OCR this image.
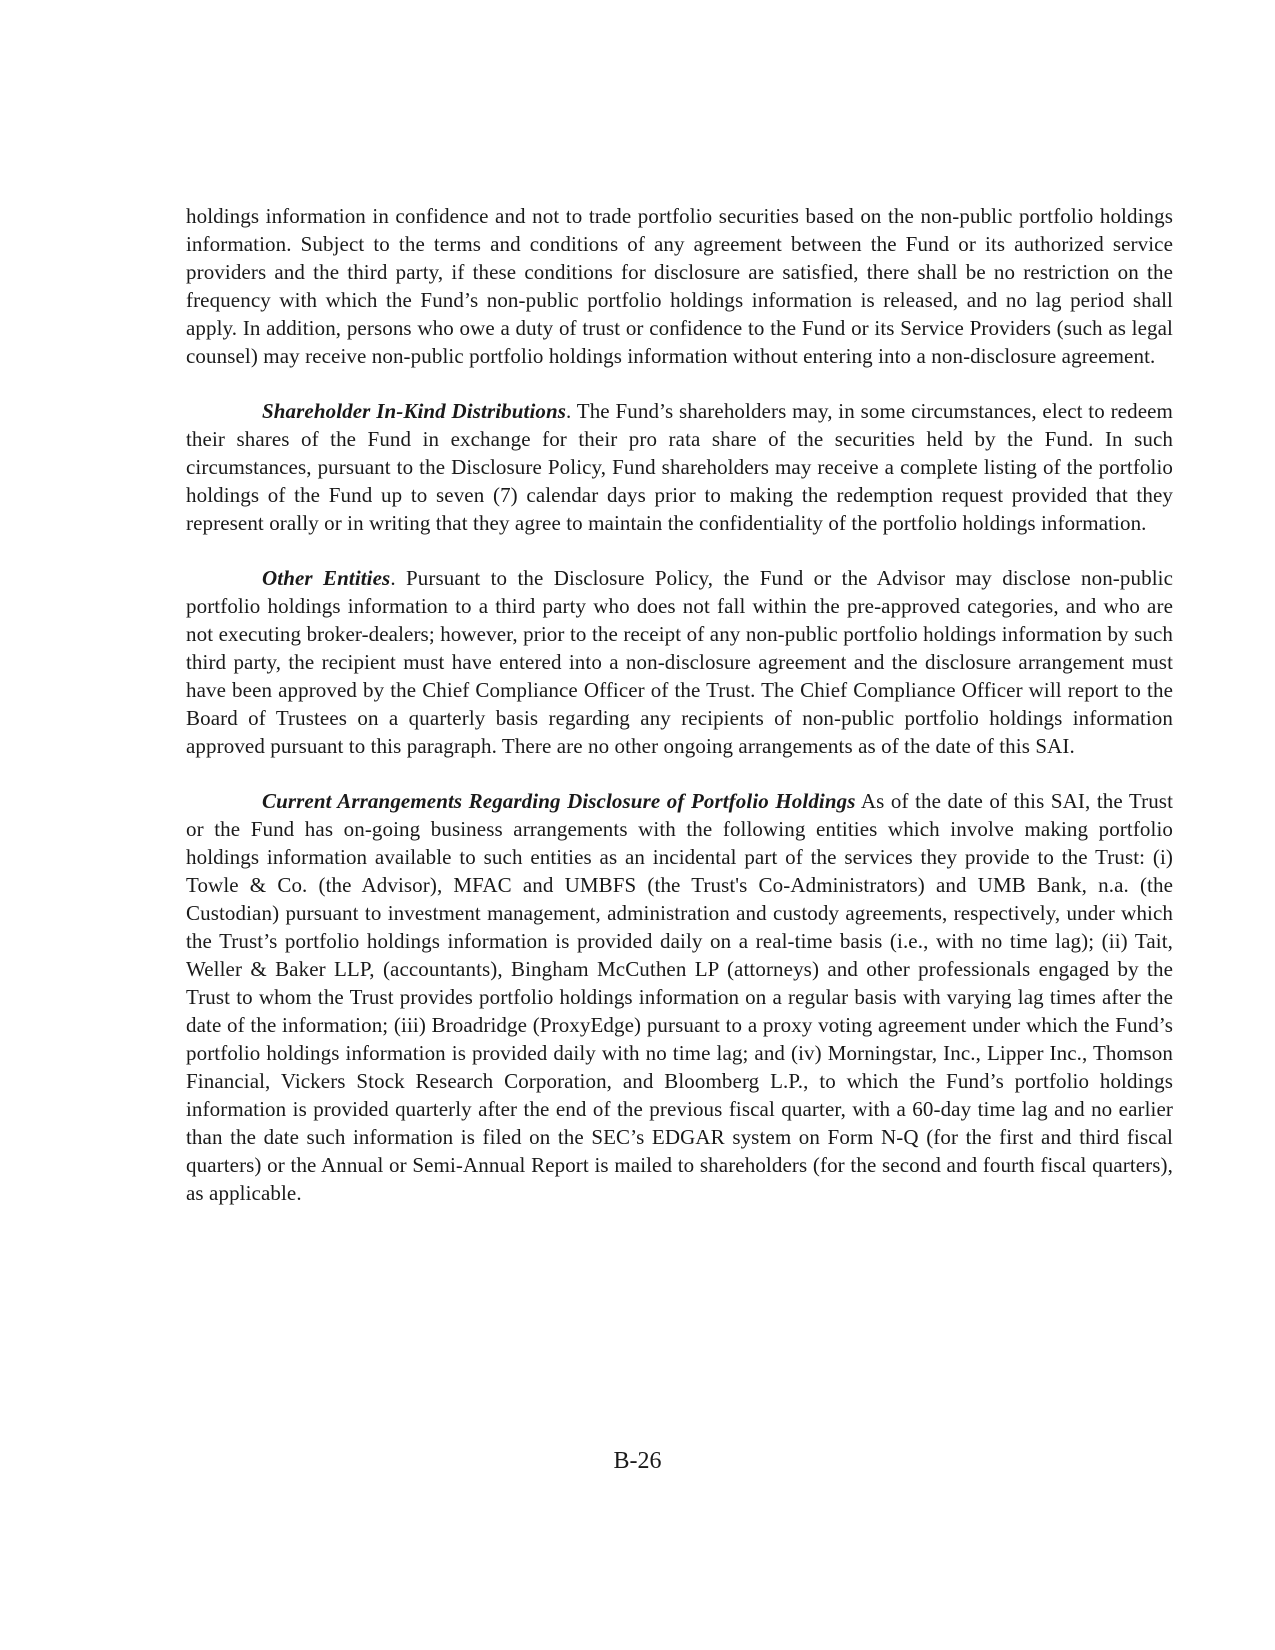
holdings information in confidence and not to trade portfolio securities based on the non-public portfolio holdings information. Subject to the terms and conditions of any agreement between the Fund or its authorized service providers and the third party, if these conditions for disclosure are satisfied, there shall be no restriction on the frequency with which the Fund’s non-public portfolio holdings information is released, and no lag period shall apply. In addition, persons who owe a duty of trust or confidence to the Fund or its Service Providers (such as legal counsel) may receive non-public portfolio holdings information without entering into a non-disclosure agreement.

Shareholder In-Kind Distributions. The Fund’s shareholders may, in some circumstances, elect to redeem their shares of the Fund in exchange for their pro rata share of the securities held by the Fund. In such circumstances, pursuant to the Disclosure Policy, Fund shareholders may receive a complete listing of the portfolio holdings of the Fund up to seven (7) calendar days prior to making the redemption request provided that they represent orally or in writing that they agree to maintain the confidentiality of the portfolio holdings information.

Other Entities. Pursuant to the Disclosure Policy, the Fund or the Advisor may disclose non-public portfolio holdings information to a third party who does not fall within the pre-approved categories, and who are not executing broker-dealers; however, prior to the receipt of any non-public portfolio holdings information by such third party, the recipient must have entered into a non-disclosure agreement and the disclosure arrangement must have been approved by the Chief Compliance Officer of the Trust. The Chief Compliance Officer will report to the Board of Trustees on a quarterly basis regarding any recipients of non-public portfolio holdings information approved pursuant to this paragraph. There are no other ongoing arrangements as of the date of this SAI.

Current Arrangements Regarding Disclosure of Portfolio Holdings As of the date of this SAI, the Trust or the Fund has on-going business arrangements with the following entities which involve making portfolio holdings information available to such entities as an incidental part of the services they provide to the Trust: (i) Towle & Co. (the Advisor), MFAC and UMBFS (the Trust's Co-Administrators) and UMB Bank, n.a. (the Custodian) pursuant to investment management, administration and custody agreements, respectively, under which the Trust’s portfolio holdings information is provided daily on a real-time basis (i.e., with no time lag); (ii) Tait, Weller & Baker LLP, (accountants), Bingham McCuthen LP (attorneys) and other professionals engaged by the Trust to whom the Trust provides portfolio holdings information on a regular basis with varying lag times after the date of the information; (iii) Broadridge (ProxyEdge) pursuant to a proxy voting agreement under which the Fund’s portfolio holdings information is provided daily with no time lag; and (iv) Morningstar, Inc., Lipper Inc., Thomson Financial, Vickers Stock Research Corporation, and Bloomberg L.P., to which the Fund’s portfolio holdings information is provided quarterly after the end of the previous fiscal quarter, with a 60-day time lag and no earlier than the date such information is filed on the SEC’s EDGAR system on Form N-Q (for the first and third fiscal quarters) or the Annual or Semi-Annual Report is mailed to shareholders (for the second and fourth fiscal quarters), as applicable.

B-26
